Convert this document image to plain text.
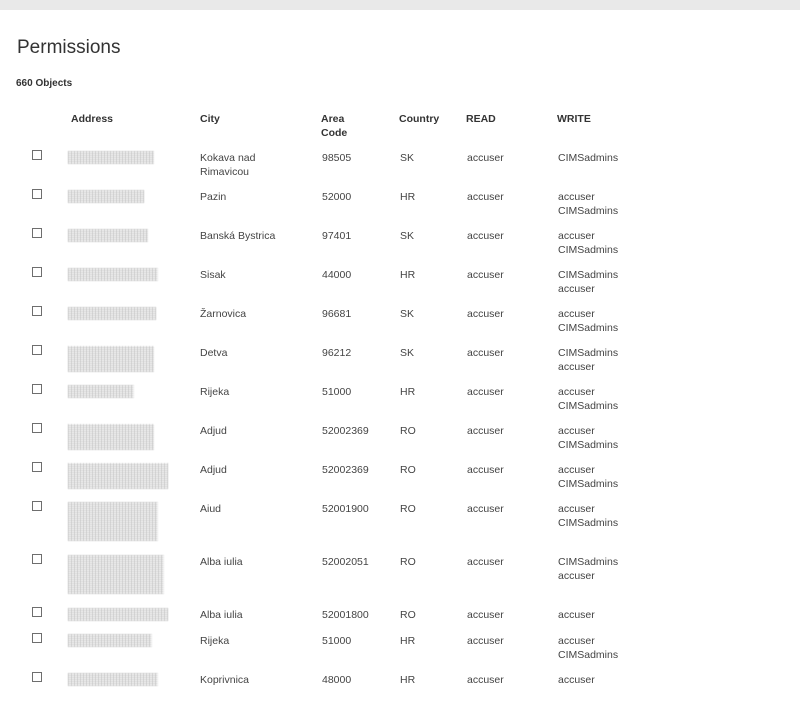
Permissions
660 Objects
Address	City	Area
Code
Country	READ	WRITE
Kokava nad
Rimavicou
98505	SK	accuser	CIMSadmins
Pazin	52000	HR	accuser	accuser
CIMSadmins
Banská Bystrica	97401	SK	accuser	accuser
CIMSadmins
Sisak	44000	HR	accuser	CIMSadmins
accuser
Žarnovica	96681	SK	accuser	accuser
CIMSadmins
Detva	96212	SK	accuser	CIMSadmins
accuser
Rijeka	51000	HR	accuser	accuser
CIMSadmins
Adjud	52002369	RO	accuser	accuser
CIMSadmins
Adjud	52002369	RO	accuser	accuser
CIMSadmins
Aiud	52001900	RO	accuser	accuser
CIMSadmins
Alba iulia	52002051	RO	accuser	CIMSadmins
accuser
Alba iulia	52001800	RO	accuser	accuser
Rijeka	51000	HR	accuser	accuser
CIMSadmins
Koprivnica	48000	HR	accuser	accuser
